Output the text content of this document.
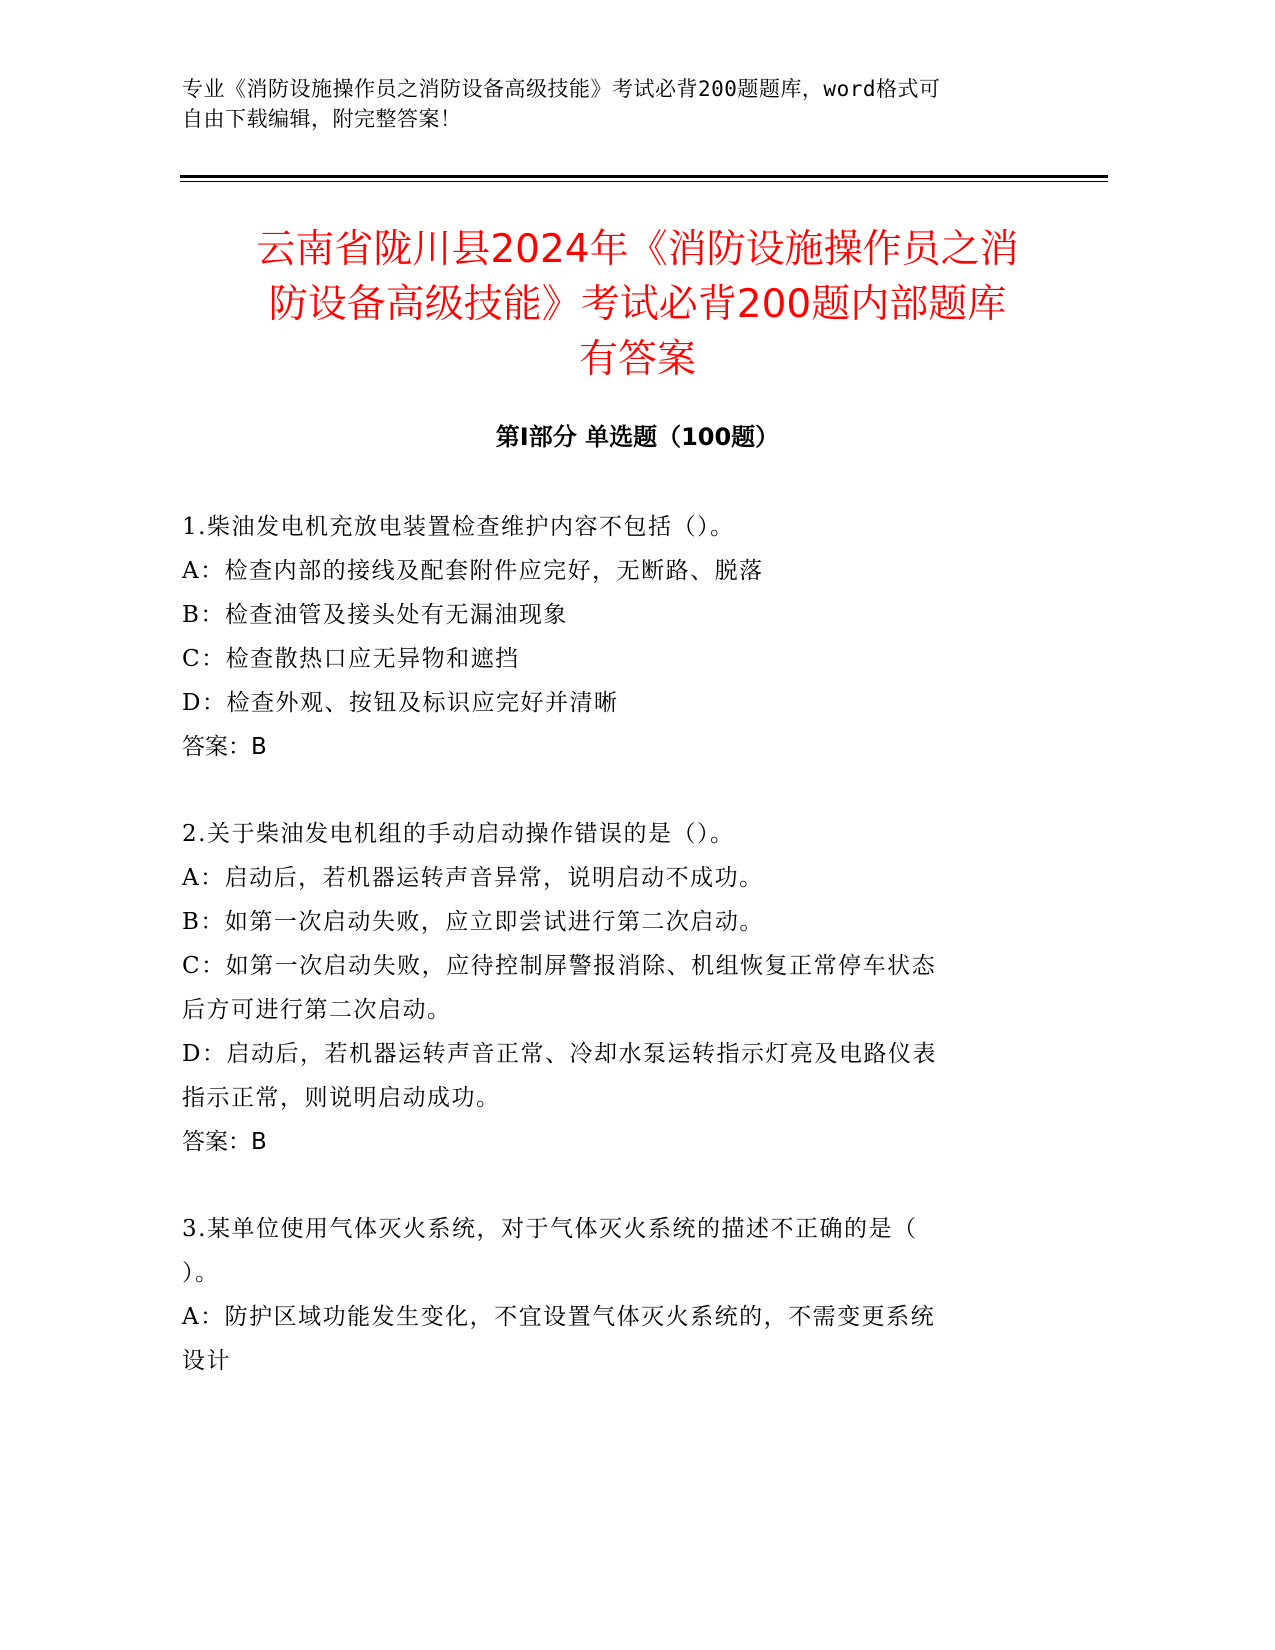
专业《消防设施操作员之消防设备高级技能》考试必背200题题库，word格式可
自由下载编辑，附完整答案！
云南省陇川县2024年《消防设施操作员之消
防设备高级技能》考试必背200题内部题库
有答案
第Ⅰ部分 单选题（100题）
1.柴油发电机充放电装置检查维护内容不包括（）。
A：检查内部的接线及配套附件应完好，无断路、脱落
B：检查油管及接头处有无漏油现象
C：检查散热口应无异物和遮挡
D：检查外观、按钮及标识应完好并清晰
答案：B
2.关于柴油发电机组的手动启动操作错误的是（）。
A：启动后，若机器运转声音异常，说明启动不成功。
B：如第一次启动失败，应立即尝试进行第二次启动。
C：如第一次启动失败，应待控制屏警报消除、机组恢复正常停车状态
后方可进行第二次启动。
D：启动后，若机器运转声音正常、冷却水泵运转指示灯亮及电路仪表
指示正常，则说明启动成功。
答案：B
3.某单位使用气体灭火系统，对于气体灭火系统的描述不正确的是（
）。
A：防护区域功能发生变化，不宜设置气体灭火系统的，不需变更系统
设计
